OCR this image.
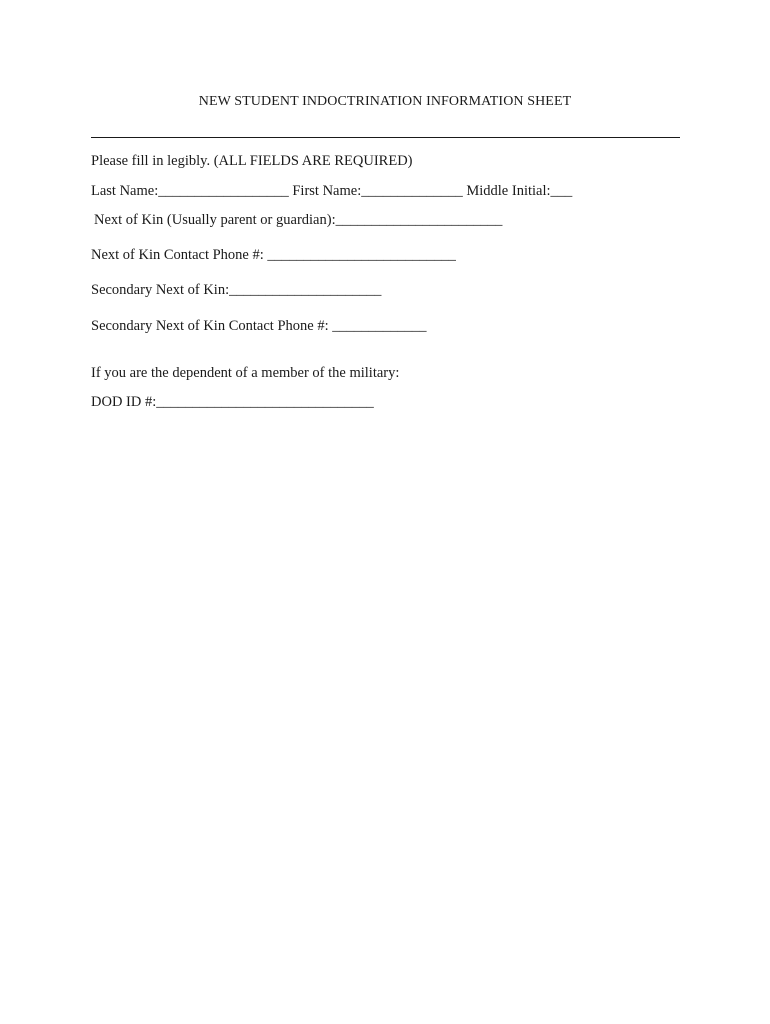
NEW STUDENT INDOCTRINATION INFORMATION SHEET
Please fill in legibly. (ALL FIELDS ARE REQUIRED)
Last Name:__________________ First Name:______________ Middle Initial:___
Next of Kin (Usually parent or guardian):_______________________
Next of Kin Contact Phone #: __________________________
Secondary Next of Kin:_____________________
Secondary Next of Kin Contact Phone #: _____________
If you are the dependent of a member of the military:
DOD ID #:______________________________
